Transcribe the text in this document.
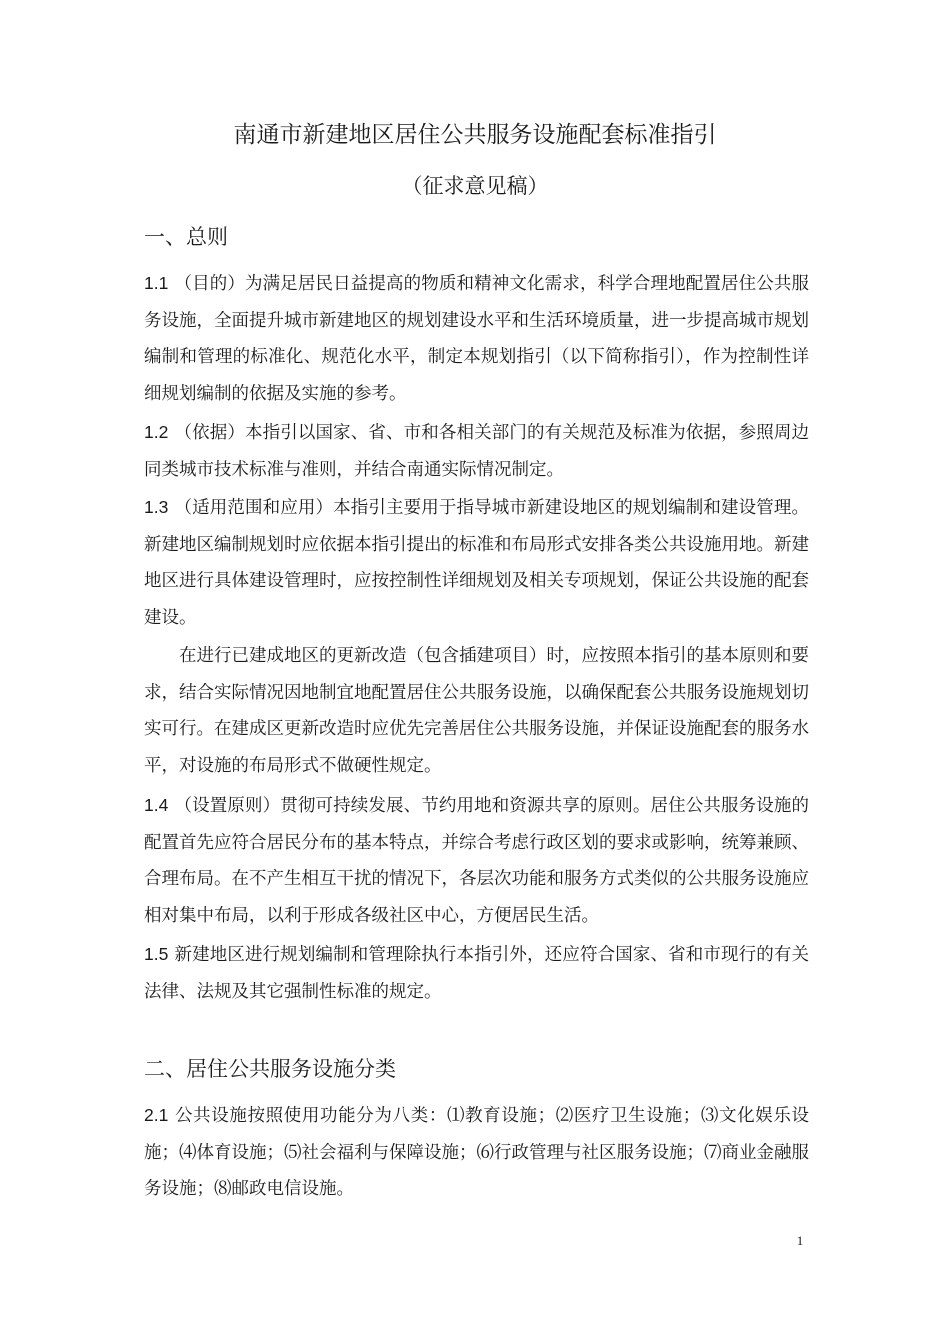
南通市新建地区居住公共服务设施配套标准指引

（征求意见稿）

一、总则

1.1 （目的）为满足居民日益提高的物质和精神文化需求，科学合理地配置居住公共服务设施，全面提升城市新建地区的规划建设水平和生活环境质量，进一步提高城市规划编制和管理的标准化、规范化水平，制定本规划指引（以下简称指引），作为控制性详细规划编制的依据及实施的参考。

1.2 （依据）本指引以国家、省、市和各相关部门的有关规范及标准为依据，参照周边同类城市技术标准与准则，并结合南通实际情况制定。

1.3 （适用范围和应用）本指引主要用于指导城市新建设地区的规划编制和建设管理。新建地区编制规划时应依据本指引提出的标准和布局形式安排各类公共设施用地。新建地区进行具体建设管理时，应按控制性详细规划及相关专项规划，保证公共设施的配套建设。

在进行已建成地区的更新改造（包含插建项目）时，应按照本指引的基本原则和要求，结合实际情况因地制宜地配置居住公共服务设施，以确保配套公共服务设施规划切实可行。在建成区更新改造时应优先完善居住公共服务设施，并保证设施配套的服务水平，对设施的布局形式不做硬性规定。

1.4 （设置原则）贯彻可持续发展、节约用地和资源共享的原则。居住公共服务设施的配置首先应符合居民分布的基本特点，并综合考虑行政区划的要求或影响，统筹兼顾、合理布局。在不产生相互干扰的情况下，各层次功能和服务方式类似的公共服务设施应相对集中布局，以利于形成各级社区中心，方便居民生活。

1.5 新建地区进行规划编制和管理除执行本指引外，还应符合国家、省和市现行的有关法律、法规及其它强制性标准的规定。

二、居住公共服务设施分类

2.1 公共设施按照使用功能分为八类：⑴教育设施；⑵医疗卫生设施；⑶文化娱乐设施；⑷体育设施；⑸社会福利与保障设施；⑹行政管理与社区服务设施；⑺商业金融服务设施；⑻邮政电信设施。

1
